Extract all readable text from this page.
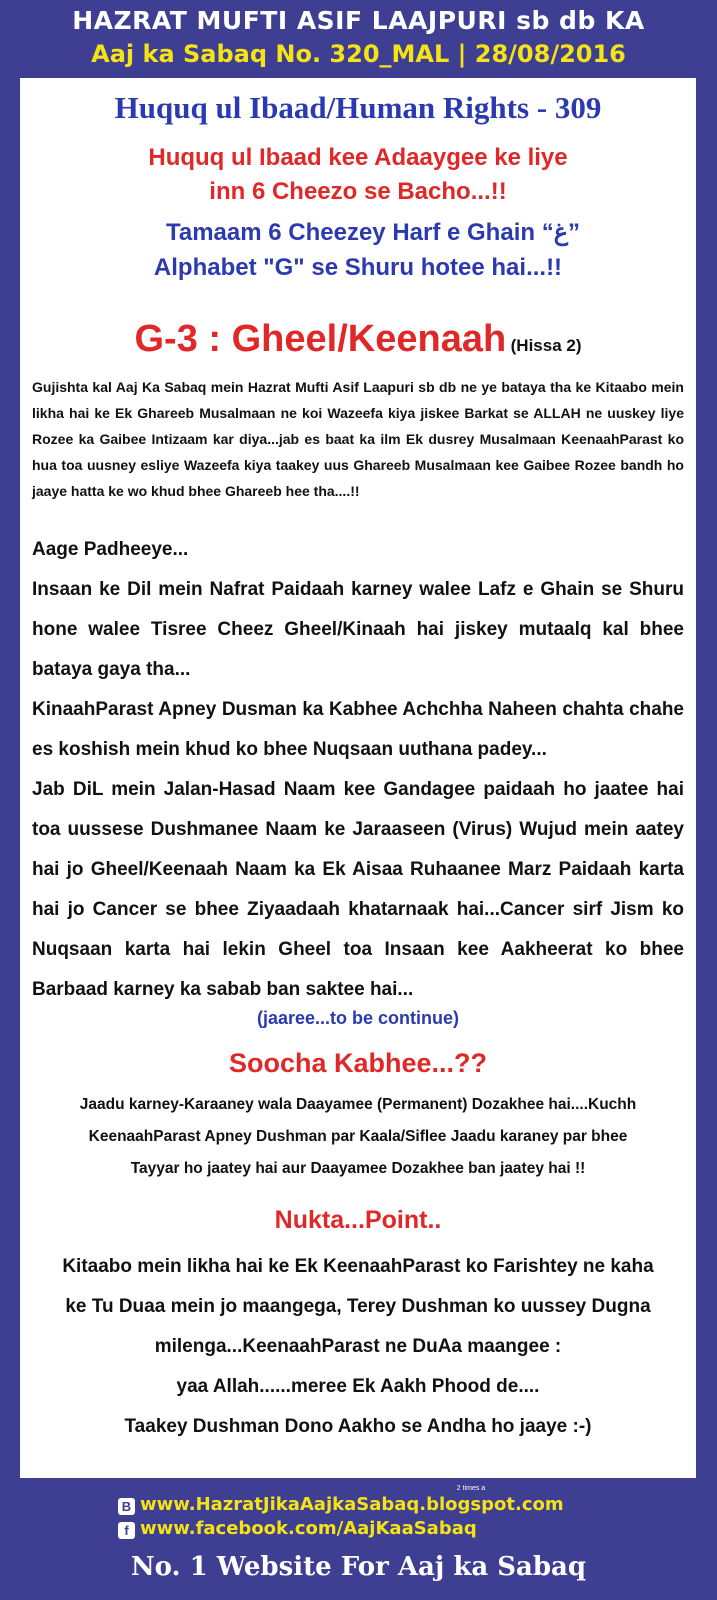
HAZRAT MUFTI ASIF LAAJPURI sb db KA
Aaj ka Sabaq No. 320_MAL | 28/08/2016
Huquq ul Ibaad/Human Rights - 309
Huquq ul Ibaad kee Adaaygee ke liye
inn 6 Cheezo se Bacho...!!
Tamaam 6 Cheezey Harf e Ghain “غ”
Alphabet "G" se Shuru hotee hai...!!
G-3 : Gheel/Keenaah (Hissa 2)
Gujishta kal Aaj Ka Sabaq mein Hazrat Mufti Asif Laapuri sb db ne ye bataya tha ke Kitaabo mein likha hai ke Ek Ghareeb Musalmaan ne koi Wazeefa kiya jiskee Barkat se ALLAH ne uuskey liye Rozee ka Gaibee Intizaam kar diya...jab es baat ka ilm Ek dusrey Musalmaan KeenaahParast ko hua toa uusney esliye Wazeefa kiya taakey uus Ghareeb Musalmaan kee Gaibee Rozee bandh ho jaaye hatta ke wo khud bhee Ghareeb hee tha....!!

Aage Padheeye...

Insaan ke Dil mein Nafrat Paidaah karney walee Lafz e Ghain se Shuru hone walee Tisree Cheez Gheel/Kinaah hai jiskey mutaalq kal bhee bataya gaya tha...

KinaahParast Apney Dusman ka Kabhee Achchha Naheen chahta chahe es koshish mein khud ko bhee Nuqsaan uuthana padey...

Jab DiL mein Jalan-Hasad Naam kee Gandagee paidaah ho jaatee hai toa uussese Dushmanee Naam ke Jaraaseen (Virus) Wujud mein aatey hai jo Gheel/Keenaah Naam ka Ek Aisaa Ruhaanee Marz Paidaah karta hai jo Cancer se bhee Ziyaadaah khatarnaak hai...Cancer sirf Jism ko Nuqsaan karta hai lekin Gheel toa Insaan kee Aakheerat ko bhee Barbaad karney ka sabab ban saktee hai...

(jaaree...to be continue)
Soocha Kabhee...??
Jaadu karney-Karaaney wala Daayamee (Permanent) Dozakhee hai....Kuchh
KeenaahParast Apney Dushman par Kaala/Siflee Jaadu karaney par bhee
Tayyar ho jaatey hai aur Daayamee Dozakhee ban jaatey hai !!
Nukta...Point..
Kitaabo mein likha hai ke Ek KeenaahParast ko Farishtey ne kaha
ke Tu Duaa mein jo maangega, Terey Dushman ko uussey Dugna
milenga...KeenaahParast ne DuAa maangee :
yaa Allah......meree Ek Aakh Phood de....
Taakey Dushman Dono Aakho se Andha ho jaaye :-)
B www.HazratJikaAajkaSabaq.blogspot.com
f www.facebook.com/AajKaaSabaq
2 times a
No. 1 Website For Aaj ka Sabaq
